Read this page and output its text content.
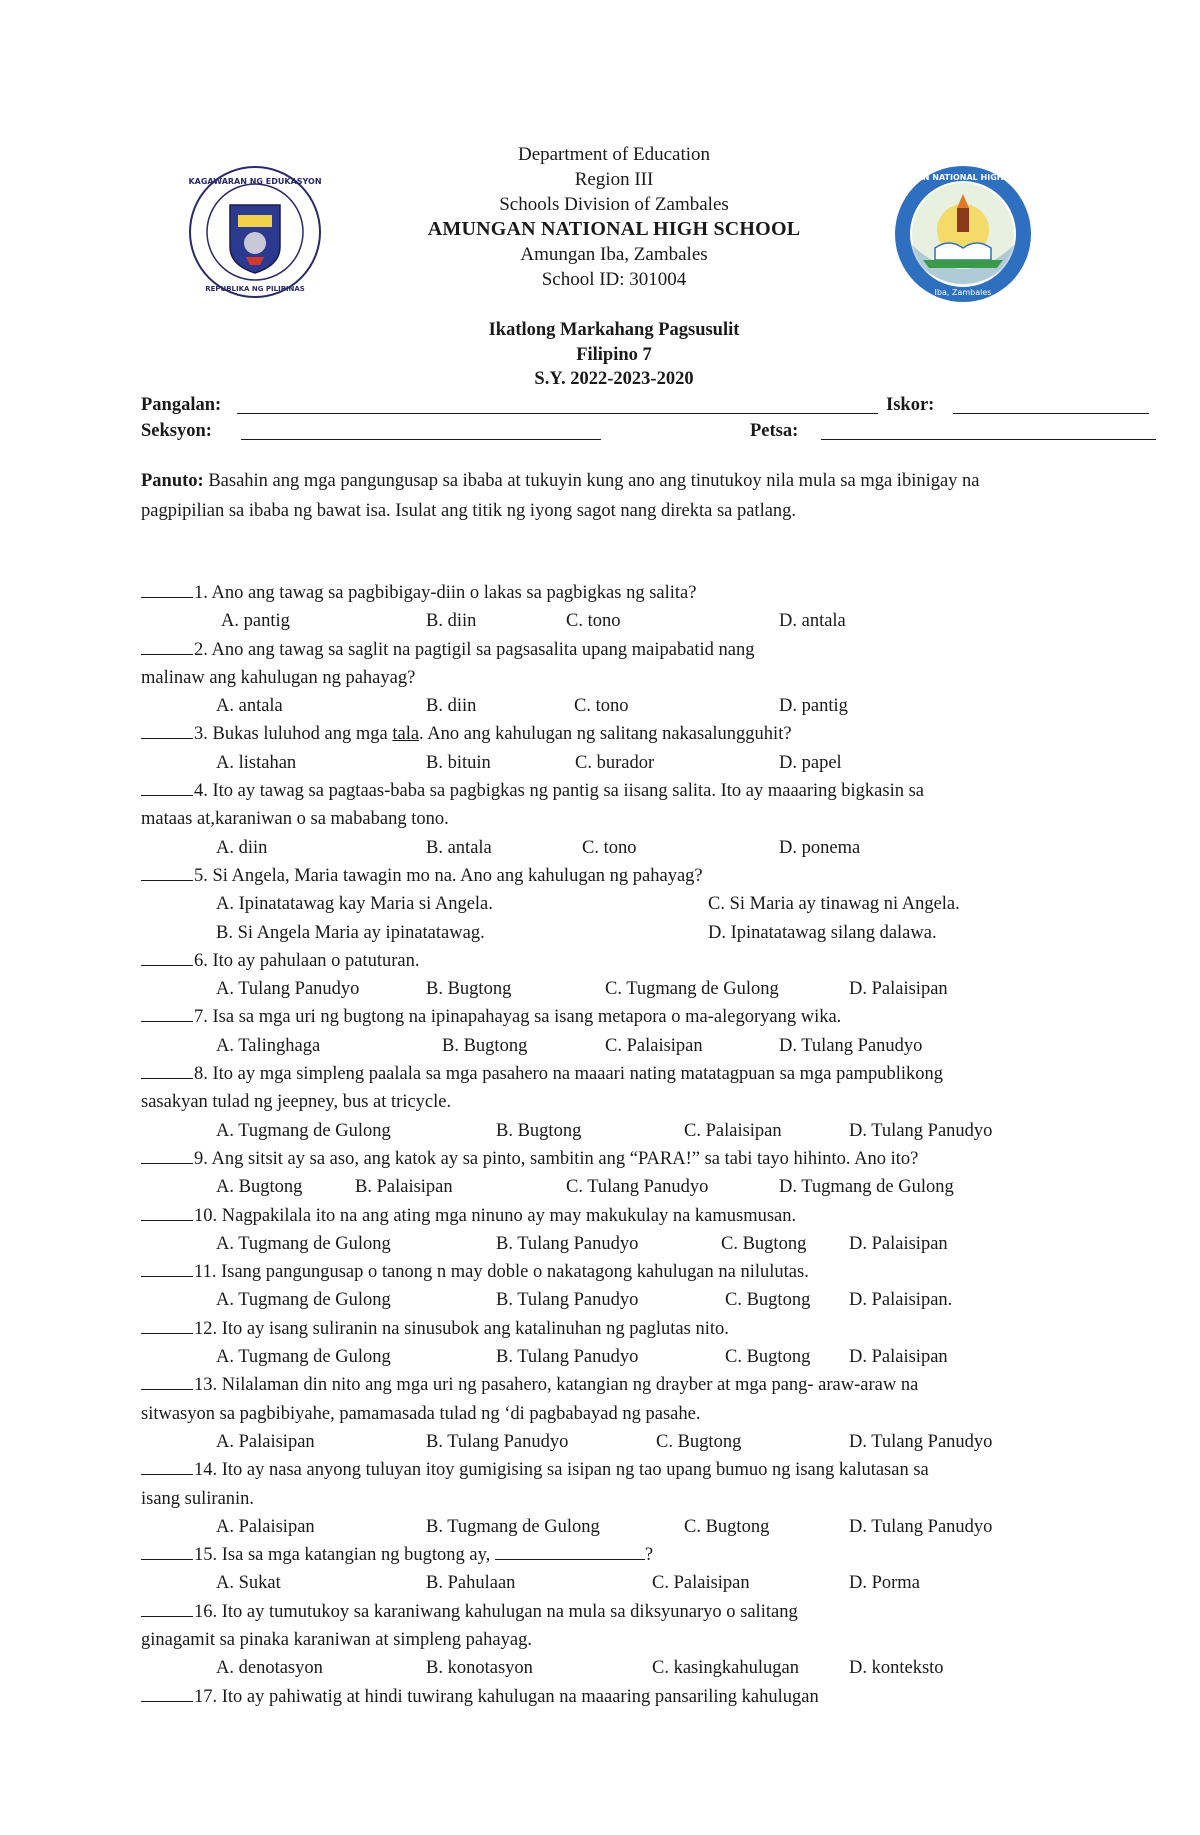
KAGAWARAN NG EDUKASYON
REPUBLIKA NG PILIPINAS
AMUNGAN NATIONAL HIGH SCHOOL
Iba, Zambales
Department of Education
Region III
Schools Division of Zambales
AMUNGAN NATIONAL HIGH SCHOOL
Amungan Iba, Zambales
School ID: 301004
Ikatlong Markahang Pagsusulit
Filipino 7
S.Y. 2022-2023-2020
Pangalan:	Iskor:
Seksyon:	Petsa:
Panuto: Basahin ang mga pangungusap sa ibaba at tukuyin kung ano ang tinutukoy nila mula sa mga ibinigay na pagpipilian sa ibaba ng bawat isa. Isulat ang titik ng iyong sagot nang direkta sa patlang.
1. Ano ang tawag sa pagbibigay-diin o lakas sa pagbigkas ng salita?
A. pantig	B. diin	C. tono	D. antala
2. Ano ang tawag sa saglit na pagtigil sa pagsasalita upang maipabatid nang
malinaw ang kahulugan ng pahayag?
A. antala	B. diin	C. tono	D. pantig
3. Bukas luluhod ang mga tala. Ano ang kahulugan ng salitang nakasalungguhit?
A. listahan	B. bituin	C. burador	D. papel
4. Ito ay tawag sa pagtaas-baba sa pagbigkas ng pantig sa iisang salita. Ito ay maaaring bigkasin sa
mataas at,karaniwan o sa mababang tono.
A. diin	B. antala	C. tono	D. ponema
5. Si Angela, Maria tawagin mo na. Ano ang kahulugan ng pahayag?
A. Ipinatatawag kay Maria si Angela.	C. Si Maria ay tinawag ni Angela.
B. Si Angela Maria ay ipinatatawag.	D. Ipinatatawag silang dalawa.
6. Ito ay pahulaan o patuturan.
A. Tulang Panudyo	B. Bugtong	C. Tugmang de Gulong	D. Palaisipan
7. Isa sa mga uri ng bugtong na ipinapahayag sa isang metapora o ma-alegoryang wika.
A. Talinghaga	B. Bugtong	C. Palaisipan	D. Tulang Panudyo
8. Ito ay mga simpleng paalala sa mga pasahero na maaari nating matatagpuan sa mga pampublikong
sasakyan tulad ng jeepney, bus at tricycle.
A. Tugmang de Gulong	B. Bugtong	C. Palaisipan	D. Tulang Panudyo
9. Ang sitsit ay sa aso, ang katok ay sa pinto, sambitin ang “PARA!” sa tabi tayo hihinto. Ano ito?
A. Bugtong	B. Palaisipan	C. Tulang Panudyo	D. Tugmang de Gulong
10. Nagpakilala ito na ang ating mga ninuno ay may makukulay na kamusmusan.
A. Tugmang de Gulong	B. Tulang Panudyo	C. Bugtong D. Palaisipan
11. Isang pangungusap o tanong n may doble o nakatagong kahulugan na nilulutas.
A. Tugmang de Gulong	B. Tulang Panudyo	C. Bugtong D. Palaisipan.
12. Ito ay isang suliranin na sinusubok ang katalinuhan ng paglutas nito.
A. Tugmang de Gulong	B. Tulang Panudyo	C. Bugtong D. Palaisipan
13. Nilalaman din nito ang mga uri ng pasahero, katangian ng drayber at mga pang- araw-araw na
sitwasyon sa pagbibiyahe, pamamasada tulad ng ‘di pagbabayad ng pasahe.
A. Palaisipan	B. Tulang Panudyo	C. Bugtong	D. Tulang Panudyo
14. Ito ay nasa anyong tuluyan itoy gumigising sa isipan ng tao upang bumuo ng isang kalutasan sa
isang suliranin.
A. Palaisipan	B. Tugmang de Gulong	C. Bugtong	D. Tulang Panudyo
15. Isa sa mga katangian ng bugtong ay,	?
A. Sukat	B. Pahulaan	C. Palaisipan	D. Porma
16. Ito ay tumutukoy sa karaniwang kahulugan na mula sa diksyunaryo o salitang
ginagamit sa pinaka karaniwan at simpleng pahayag.
A. denotasyon	B. konotasyon	C. kasingkahulugan	D. konteksto
17. Ito ay pahiwatig at hindi tuwirang kahulugan na maaaring pansariling kahulugan
